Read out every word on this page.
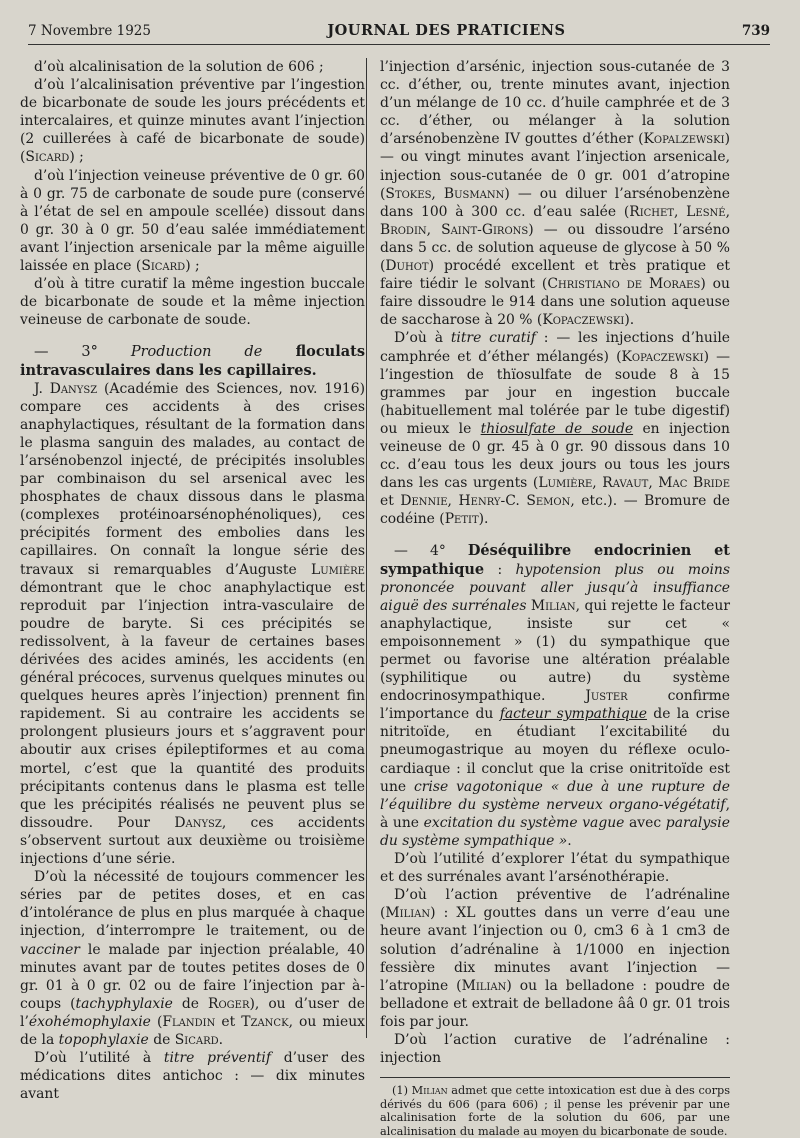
7 Novembre 1925	JOURNAL DES PRATICIENS	739

d’où alcalinisation de la solution de 606 ;

d’où l’alcalinisation préventive par l’ingestion de bicarbonate de soude les jours précédents et intercalaires, et quinze minutes avant l’injection (2 cuillerées à café de bicarbonate de soude) (Sicard) ;

d’où l’injection veineuse préventive de 0 gr. 60 à 0 gr. 75 de carbonate de soude pure (conservé à l’état de sel en ampoule scellée) dissout dans 0 gr. 30 à 0 gr. 50 d’eau salée immédiatement avant l’injection arsenicale par la même aiguille laissée en place (Sicard) ;

d’où à titre curatif la même ingestion buccale de bicarbonate de soude et la même injection veineuse de carbonate de soude.

— 3° Production de floculats intravasculaires dans les capillaires.

J. Danysz (Académie des Sciences, nov. 1916) compare ces accidents à des crises anaphylactiques, résultant de la formation dans le plasma sanguin des malades, au contact de l’arsénobenzol injecté, de précipités insolubles par combinaison du sel arsenical avec les phosphates de chaux dissous dans le plasma (complexes protéinoarsénophénoliques), ces précipités forment des embolies dans les capillaires. On connaît la longue série des travaux si remarquables d’Auguste Lumière démontrant que le choc anaphylactique est reproduit par l’injection intra-vasculaire de poudre de baryte. Si ces précipités se redissolvent, à la faveur de certaines bases dérivées des acides aminés, les accidents (en général précoces, survenus quelques minutes ou quelques heures après l’injection) prennent fin rapidement. Si au contraire les accidents se prolongent plusieurs jours et s’aggravent pour aboutir aux crises épileptiformes et au coma mortel, c’est que la quantité des produits précipitants contenus dans le plasma est telle que les précipités réalisés ne peuvent plus se dissoudre. Pour Danysz, ces accidents s’observent surtout aux deuxième ou troisième injections d’une série.

D’où la nécessité de toujours commencer les séries par de petites doses, et en cas d’intolérance de plus en plus marquée à chaque injection, d’interrompre le traitement, ou de vacciner le malade par injection préalable, 40 minutes avant par de toutes petites doses de 0 gr. 01 à 0 gr. 02 ou de faire l’injection par à-coups (tachyphylaxie de Roger), ou d’user de l’éxohémophylaxie (Flandin et Tzanck, ou mieux de la topophylaxie de Sicard.

D’où l’utilité à titre préventif d’user des médications dites antichoc : — dix minutes avant

l’injection d’arsénic, injection sous-cutanée de 3 cc. d’éther, ou, trente minutes avant, injection d’un mélange de 10 cc. d’huile camphrée et de 3 cc. d’éther, ou mélanger à la solution d’arsénobenzène IV gouttes d’éther (Kopalzewski) — ou vingt minutes avant l’injection arsenicale, injection sous-cutanée de 0 gr. 001 d’atropine (Stokes, Busmann) — ou diluer l’arsénobenzène dans 100 à 300 cc. d’eau salée (Richet, Lesné, Brodin, Saint-Girons) — ou dissoudre l’arséno dans 5 cc. de solution aqueuse de glycose à 50 % (Duhot) procédé excellent et très pratique et faire tiédir le solvant (Christiano de Moraes) ou faire dissoudre le 914 dans une solution aqueuse de saccharose à 20 % (Kopaczewski).

D’où à titre curatif : — les injections d’huile camphrée et d’éther mélangés) (Kopaczewski) — l’ingestion de thïosulfate de soude 8 à 15 grammes par jour en ingestion buccale (habituellement mal tolérée par le tube digestif) ou mieux le thiosulfate de soude en injection veineuse de 0 gr. 45 à 0 gr. 90 dissous dans 10 cc. d’eau tous les deux jours ou tous les jours dans les cas urgents (Lumière, Ravaut, Mac Bride et Dennie, Henry-C. Semon, etc.). — Bromure de codéine (Petit).

— 4° Déséquilibre endocrinien et sympathique : hypotension plus ou moins prononcée pouvant aller jusqu’à insuffiance aiguë des surrénales Milian, qui rejette le facteur anaphylactique, insiste sur cet « empoisonnement » (1) du sympathique que permet ou favorise une altération préalable (syphilitique ou autre) du système endocrinosympathique. Juster confirme l’importance du facteur sympathique de la crise nitritoïde, en étudiant l’excitabilité du pneumogastrique au moyen du réflexe oculo-cardiaque : il conclut que la crise onitritoïde est une crise vagotonique « due à une rupture de l’équilibre du système nerveux organo-végétatif, à une excitation du système vague avec paralysie du système sympathique ».

D’où l’utilité d’explorer l’état du sympathique et des surrénales avant l’arsénothérapie.

D’où l’action préventive de l’adrénaline (Milian) : XL gouttes dans un verre d’eau une heure avant l’injection ou 0, cm3 6 à 1 cm3 de solution d’adrénaline à 1/1000 en injection fessière dix minutes avant l’injection — l’atropine (Milian) ou la belladone : poudre de belladone et extrait de belladone ââ 0 gr. 01 trois fois par jour.

D’où l’action curative de l’adrénaline : injection

(1) Milian admet que cette intoxication est due à des corps dérivés du 606 (para 606) ; il pense les prévenir par une alcalinisation forte de la solution du 606, par une alcalinisation du malade au moyen du bicarbonate de soude.
